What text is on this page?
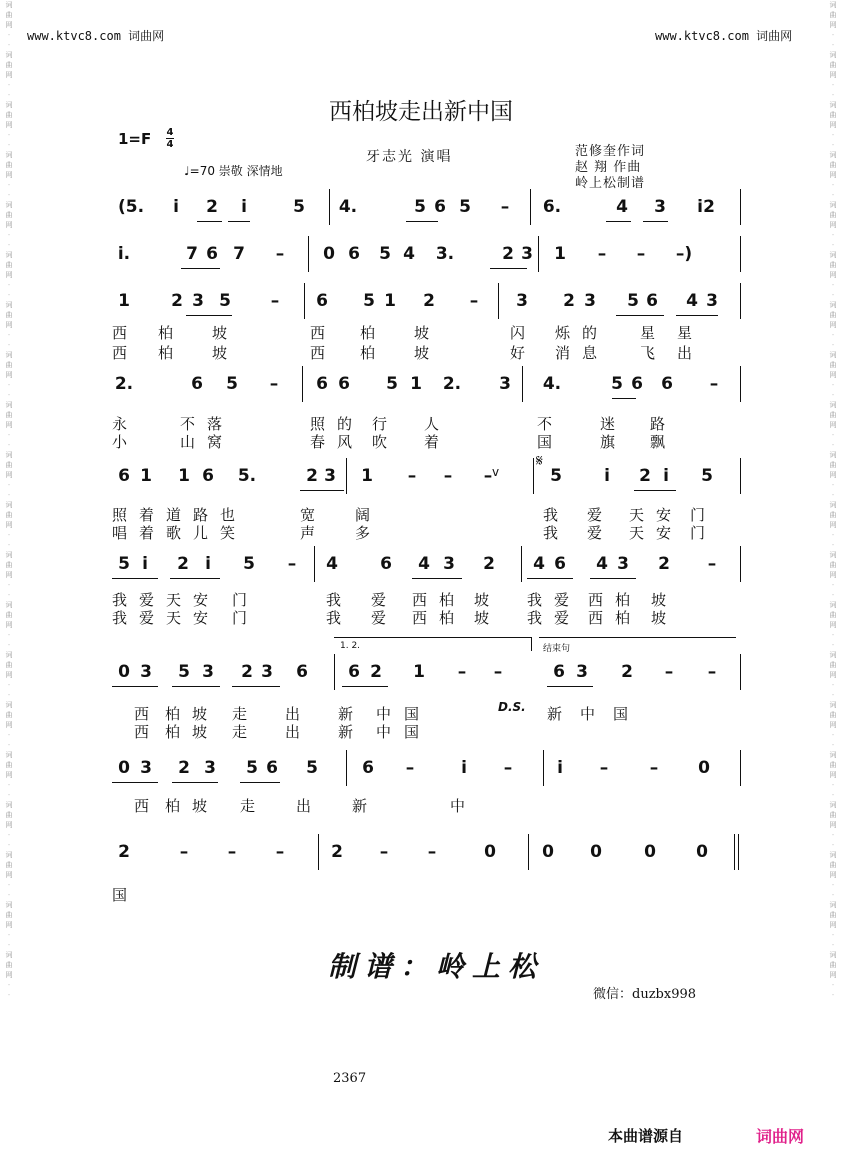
词
曲
网
-
-
词
曲
网
-
-
词
曲
网
-
-
词
曲
网
-
-
词
曲
网
-
-
词
曲
网
-
-
词
曲
网
-
-
词
曲
网
-
-
词
曲
网
-
-
词
曲
网
-
-
词
曲
网
-
-
词
曲
网
-
-
词
曲
网
-
-
词
曲
网
-
-
词
曲
网
-
-
词
曲
网
-
-
词
曲
网
-
-
词
曲
网
-
-
词
曲
网
-
-
词
曲
网
-
-
词
曲
网
-
-
词
曲
网
-
-
词
曲
网
-
-
词
曲
网
-
-
词
曲
网
-
-
词
曲
网
-
-
词
曲
网
-
-
词
曲
网
-
-
词
曲
网
-
-
词
曲
网
-
-
词
曲
网
-
-
词
曲
网
-
-
词
曲
网
-
-
词
曲
网
-
-
词
曲
网
-
-
词
曲
网
-
-
词
曲
网
-
-
词
曲
网
-
-
词
曲
网
-
-
词
曲
网
-
-
www.ktvc8.com 词曲网	www.ktvc8.com 词曲网
西柏坡走出新中国
1=F 4
4
♩=70 崇敬 深情地
牙志光 演唱	范修奎作词
赵 翔 作曲
岭上松制谱
(5.	i	2	i	5	4.	5 6 5	–	6.	4	3	i 2
i.	7 6 7	–	0 6	5 4	3.	2 3	1	–	–	–)
1	2 3 5	–	6	5 1	2	–	3	2 3	5 6	4 3
2.	6	5	–	6 6	5 1	2.	3	4.	5 6	6	–
6 1	1 6	5.	2 3	1	–	–	–	5	i	2 i	5
5 i	2 i	5	–	4	6	4 3	2	4 6	4 3	2	–
0 3	5 3	2 3	6	6 2	1	–	–	6 3	2	–	–
0 3	2 3	5 6	5	6	–	i	–	i	–	–	0
2	–	–	–	2	–	–	0	0	0	0	0
v
𝄋
1. 2.	结束句
D.S.
制谱：岭上松
微信：duzbx998
2367
本曲谱源自	词曲网
西 柏	坡	西 柏	坡	闪 烁的 星 星
西 柏	坡	西 柏	坡	好 消息 飞 出
永	不落	照的 行 人	不	迷 路
小	山窝	春风 吹 着	国	旗 飘
照着道路也	宽	阔	我 爱 天安 门
唱着歌儿笑	声	多	我 爱 天安 门
我爱天安 门	我 爱 西柏 坡	我爱 西柏 坡
我爱天安 门	我 爱 西柏 坡	我爱 西柏 坡
西 柏坡 走	出	新 中 国	新 中 国
西 柏坡 走	出	新 中 国
西 柏坡 走	出	新	中
国
